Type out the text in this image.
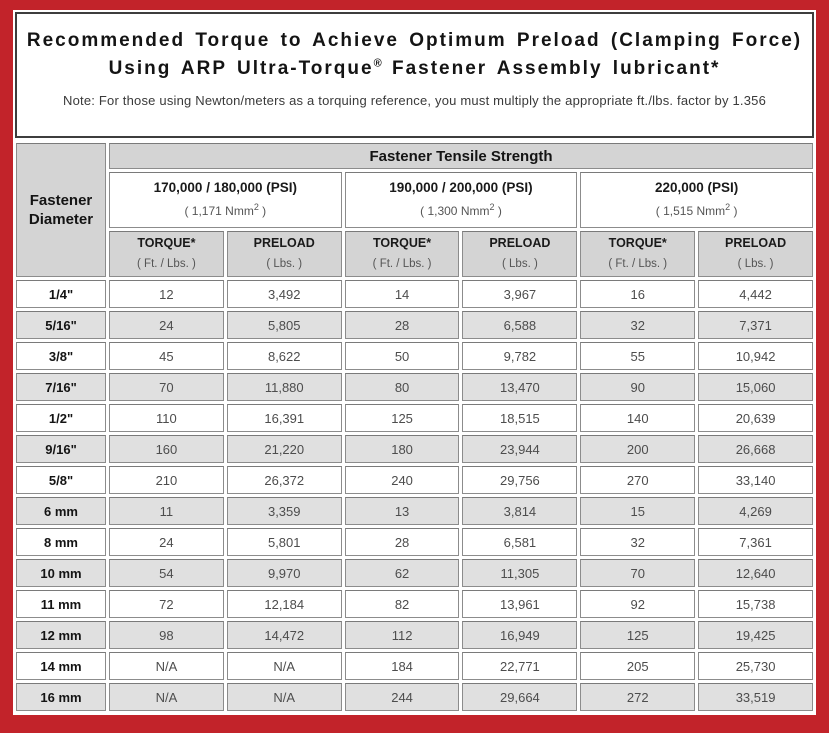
Recommended Torque to Achieve Optimum Preload (Clamping Force)
Using ARP Ultra-Torque® Fastener Assembly lubricant*

Note: For those using Newton/meters as a torquing reference, you must multiply the appropriate ft./lbs. factor by 1.356

Fastener
Diameter	Fastener Tensile Strength					

	170,000 / 180,000 (PSI)
( 1,171 Nmm$^2$ )		190,000 / 200,000 (PSI)
( 1,300 Nmm$^2$ )		220,000 (PSI)
( 1,515 Nmm$^2$ )	

	TORQUE*
( Ft. / Lbs. )	PRELOAD
( Lbs. )	TORQUE*
( Ft. / Lbs. )	PRELOAD
( Lbs. )	TORQUE*
( Ft. / Lbs. )	PRELOAD
( Lbs. )
1/4"	12	3,492	14	3,967	16	4,442
5/16"	24	5,805	28	6,588	32	7,371
3/8"	45	8,622	50	9,782	55	10,942
7/16"	70	11,880	80	13,470	90	15,060
1/2"	110	16,391	125	18,515	140	20,639
9/16"	160	21,220	180	23,944	200	26,668
5/8"	210	26,372	240	29,756	270	33,140
6 mm	11	3,359	13	3,814	15	4,269
8 mm	24	5,801	28	6,581	32	7,361
10 mm	54	9,970	62	11,305	70	12,640
11 mm	72	12,184	82	13,961	92	15,738
12 mm	98	14,472	112	16,949	125	19,425
14 mm	N/A	N/A	184	22,771	205	25,730
16 mm	N/A	N/A	244	29,664	272	33,519
